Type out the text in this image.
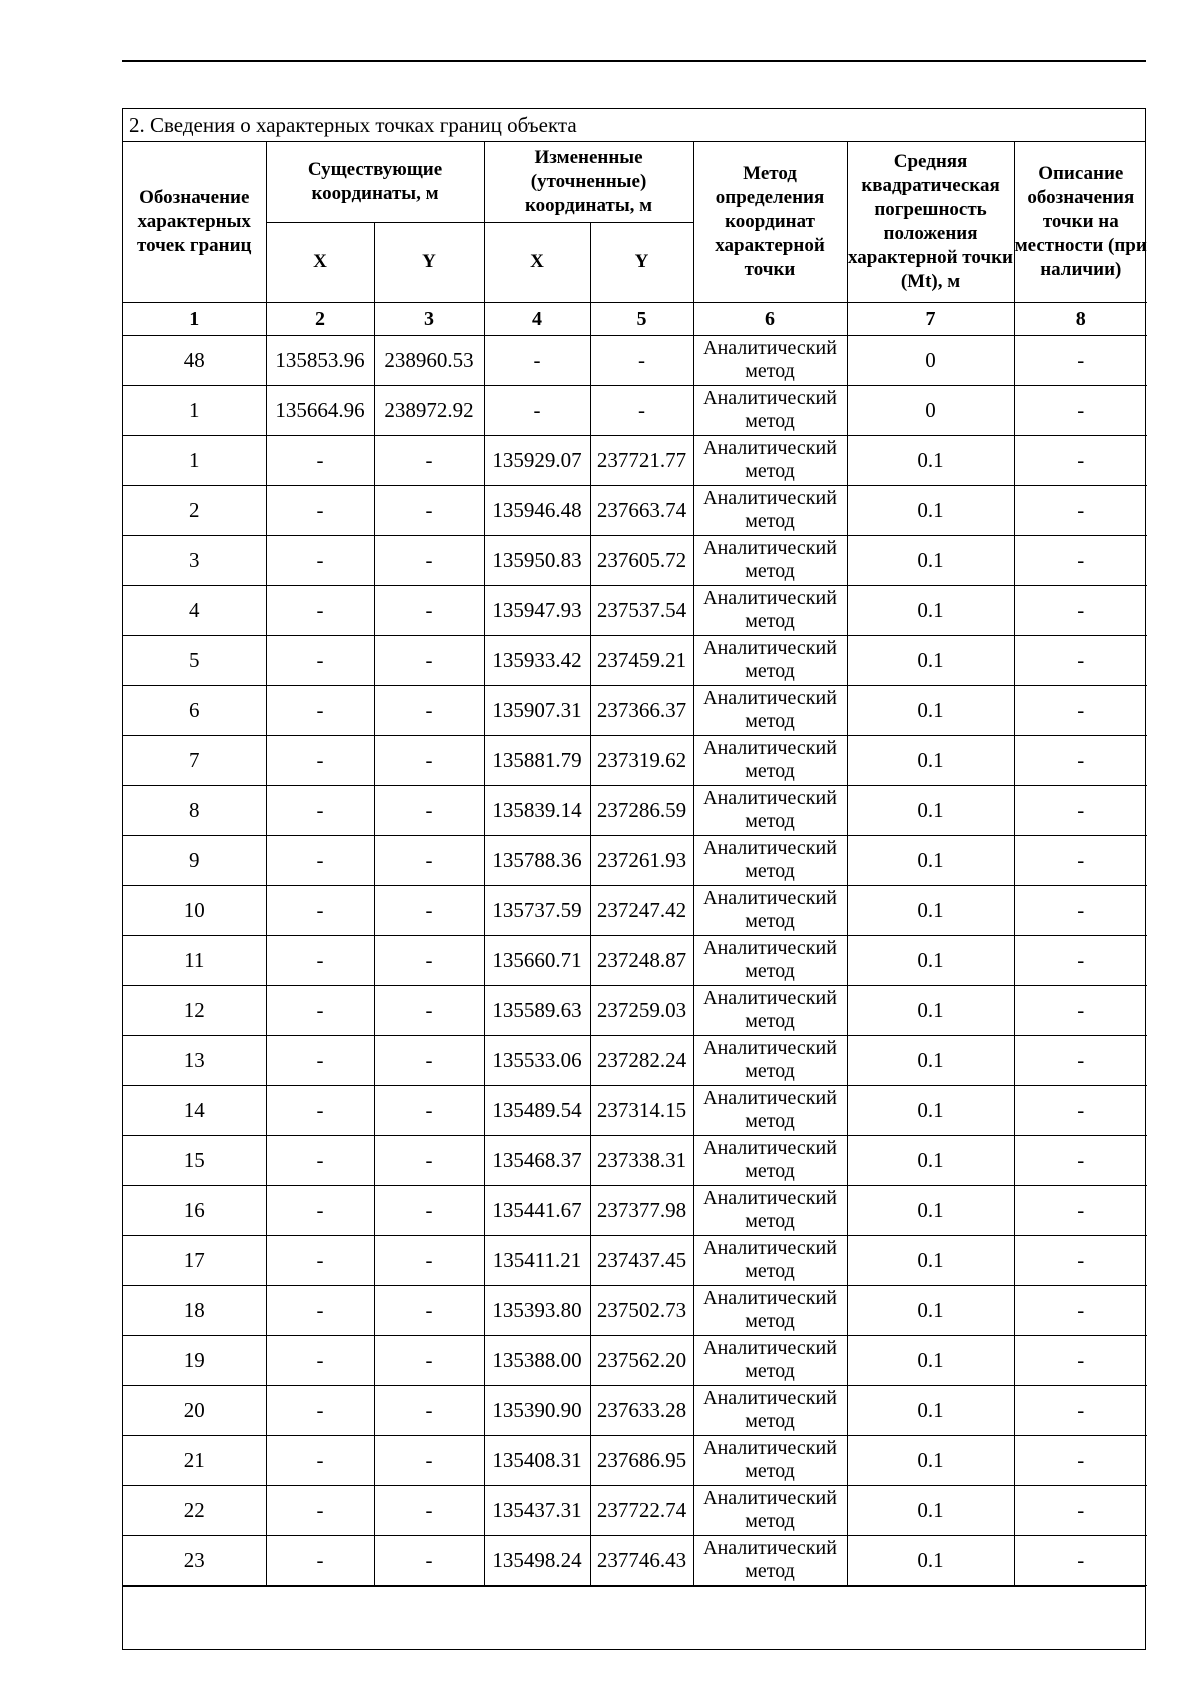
2. Сведения о характерных точках границ объекта
Обозначение характерных точек границ	Существующие координаты, м		Измененные (уточненные) координаты, м		Метод определения координат характерной точки	Средняя квадратическая погрешность положения характерной точки (Mt), м	Описание обозначения точки на местности (при наличии)
	X	Y	X	Y			
1	2	3	4	5	6	7	8
48	135853.96	238960.53	-	-	Аналитический метод	0	-
1	135664.96	238972.92	-	-	Аналитический метод	0	-
1	-	-	135929.07	237721.77	Аналитический метод	0.1	-
2	-	-	135946.48	237663.74	Аналитический метод	0.1	-
3	-	-	135950.83	237605.72	Аналитический метод	0.1	-
4	-	-	135947.93	237537.54	Аналитический метод	0.1	-
5	-	-	135933.42	237459.21	Аналитический метод	0.1	-
6	-	-	135907.31	237366.37	Аналитический метод	0.1	-
7	-	-	135881.79	237319.62	Аналитический метод	0.1	-
8	-	-	135839.14	237286.59	Аналитический метод	0.1	-
9	-	-	135788.36	237261.93	Аналитический метод	0.1	-
10	-	-	135737.59	237247.42	Аналитический метод	0.1	-
11	-	-	135660.71	237248.87	Аналитический метод	0.1	-
12	-	-	135589.63	237259.03	Аналитический метод	0.1	-
13	-	-	135533.06	237282.24	Аналитический метод	0.1	-
14	-	-	135489.54	237314.15	Аналитический метод	0.1	-
15	-	-	135468.37	237338.31	Аналитический метод	0.1	-
16	-	-	135441.67	237377.98	Аналитический метод	0.1	-
17	-	-	135411.21	237437.45	Аналитический метод	0.1	-
18	-	-	135393.80	237502.73	Аналитический метод	0.1	-
19	-	-	135388.00	237562.20	Аналитический метод	0.1	-
20	-	-	135390.90	237633.28	Аналитический метод	0.1	-
21	-	-	135408.31	237686.95	Аналитический метод	0.1	-
22	-	-	135437.31	237722.74	Аналитический метод	0.1	-
23	-	-	135498.24	237746.43	Аналитический метод	0.1	-
